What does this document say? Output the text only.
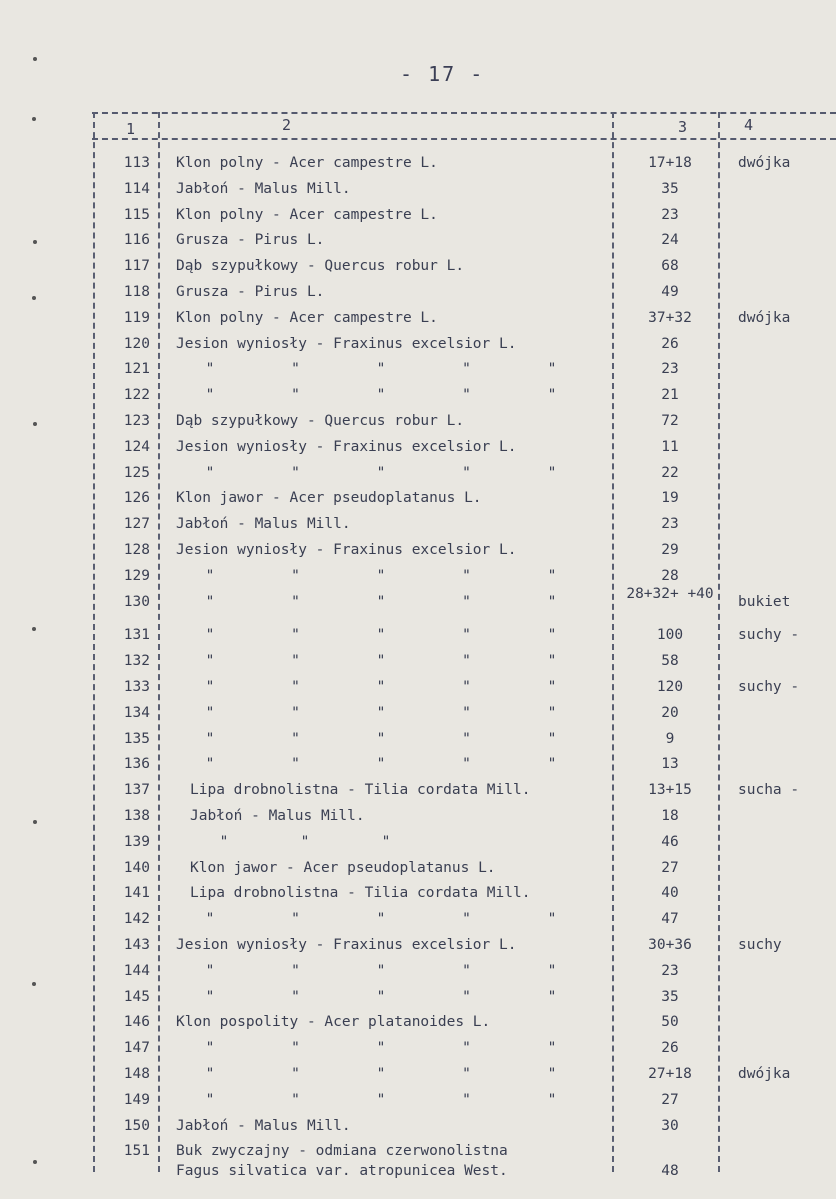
- 17 -
1	2	3	4
113 Klon polny - Acer campestre L.	17+18	dwójka
114 Jabłoń - Malus Mill.	35
115 Klon polny - Acer campestre L.	23
116 Grusza - Pirus L.	24
117 Dąb szypułkowy - Quercus robur L.	68
118 Grusza - Pirus L.	49
119 Klon polny - Acer campestre L.	37+32	dwójka
120 Jesion wyniosły - Fraxinus excelsior L.	26
121	"	"	"	"	"	23
122	"	"	"	"	"	21
123 Dąb szypułkowy - Quercus robur L.	72
124 Jesion wyniosły - Fraxinus excelsior L.	11
125	"	"	"	"	"	22
126 Klon jawor - Acer pseudoplatanus L.	19
127 Jabłoń - Malus Mill.	23
128 Jesion wyniosły - Fraxinus excelsior L.	29
129	"	"	"	"	"	28
130	"	"	"	"	"	28+32+ +40	bukiet
131	"	"	"	"	"	100	suchy -
132	"	"	"	"	"	58
133	"	"	"	"	"	120	suchy -
134	"	"	"	"	"	20
135	"	"	"	"	"	9
136	"	"	"	"	"	13
137	Lipa drobnolistna - Tilia cordata Mill.	13+15	sucha -
138	Jabłoń - Malus Mill.	18
139	"	"	"	46
140	Klon jawor - Acer pseudoplatanus L.	27
141	Lipa drobnolistna - Tilia cordata Mill.	40
142	"	"	"	"	"	47
143 Jesion wyniosły - Fraxinus excelsior L.	30+36	suchy
144	"	"	"	"	"	23
145	"	"	"	"	"	35
146 Klon pospolity - Acer platanoides L.	50
147	"	"	"	"	"	26
148	"	"	"	"	"	27+18	dwójka
149	"	"	"	"	"	27
150 Jabłoń - Malus Mill.	30
151 Buk zwyczajny - odmiana czerwonolistna
Fagus silvatica var. atropunicea West.	48
